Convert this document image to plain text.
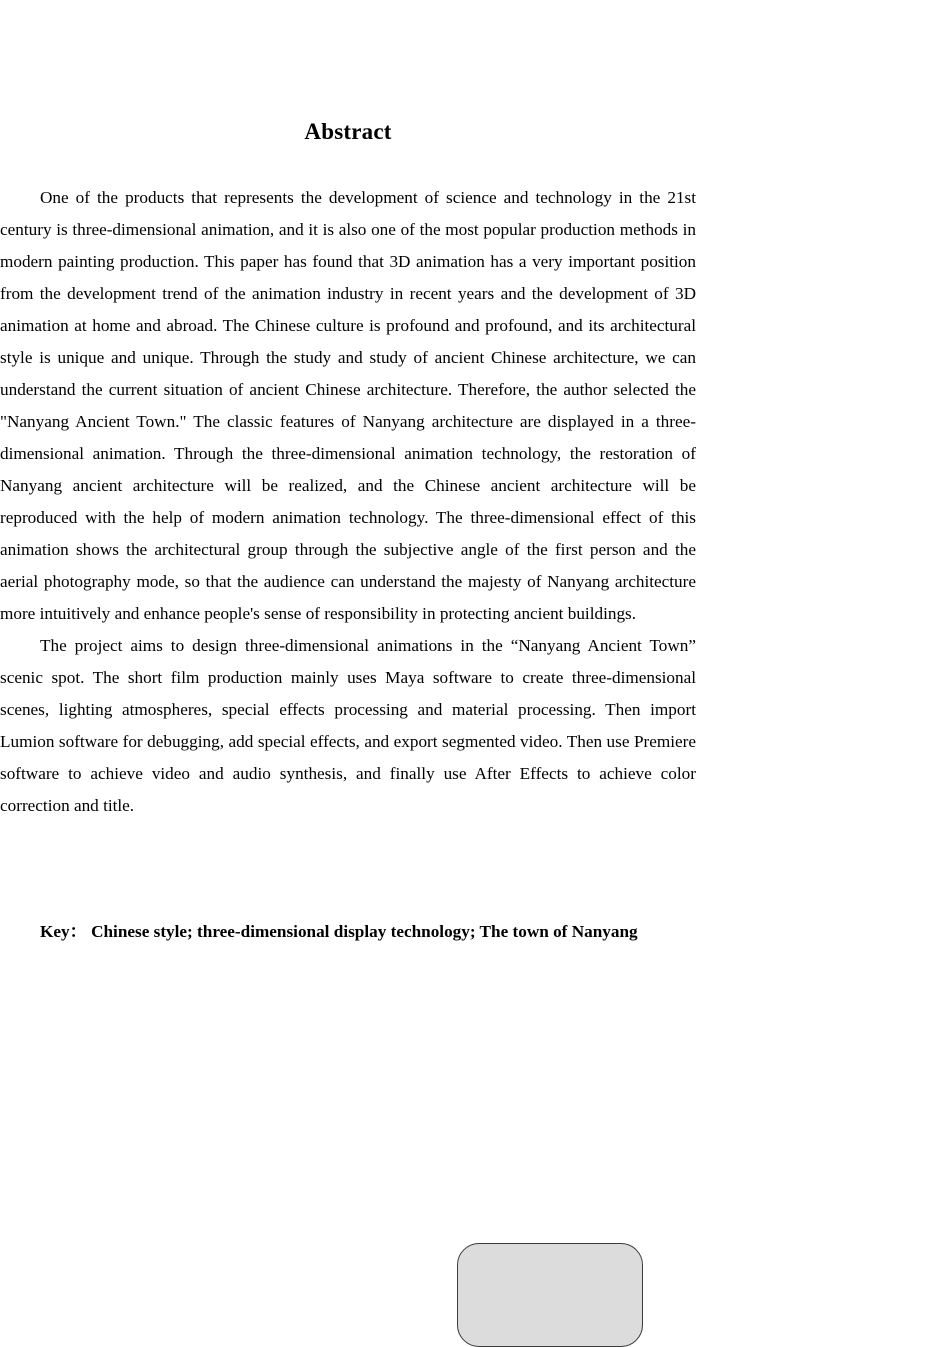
Abstract

One of the products that represents the development of science and technology in the 21st century is three-dimensional animation, and it is also one of the most popular production methods in modern painting production. This paper has found that 3D animation has a very important position from the development trend of the animation industry in recent years and the development of 3D animation at home and abroad. The Chinese culture is profound and profound, and its architectural style is unique and unique. Through the study and study of ancient Chinese architecture, we can understand the current situation of ancient Chinese architecture. Therefore, the author selected the "Nanyang Ancient Town." The classic features of Nanyang architecture are displayed in a three-dimensional animation. Through the three-dimensional animation technology, the restoration of Nanyang ancient architecture will be realized, and the Chinese ancient architecture will be reproduced with the help of modern animation technology. The three-dimensional effect of this animation shows the architectural group through the subjective angle of the first person and the aerial photography mode, so that the audience can understand the majesty of Nanyang architecture more intuitively and enhance people's sense of responsibility in protecting ancient buildings.

The project aims to design three-dimensional animations in the “Nanyang Ancient Town” scenic spot. The short film production mainly uses Maya software to create three-dimensional scenes, lighting atmospheres, special effects processing and material processing. Then import Lumion software for debugging, add special effects, and export segmented video. Then use Premiere software to achieve video and audio synthesis, and finally use After Effects to achieve color correction and title.

Key： Chinese style; three-dimensional display technology; The town of Nanyang
